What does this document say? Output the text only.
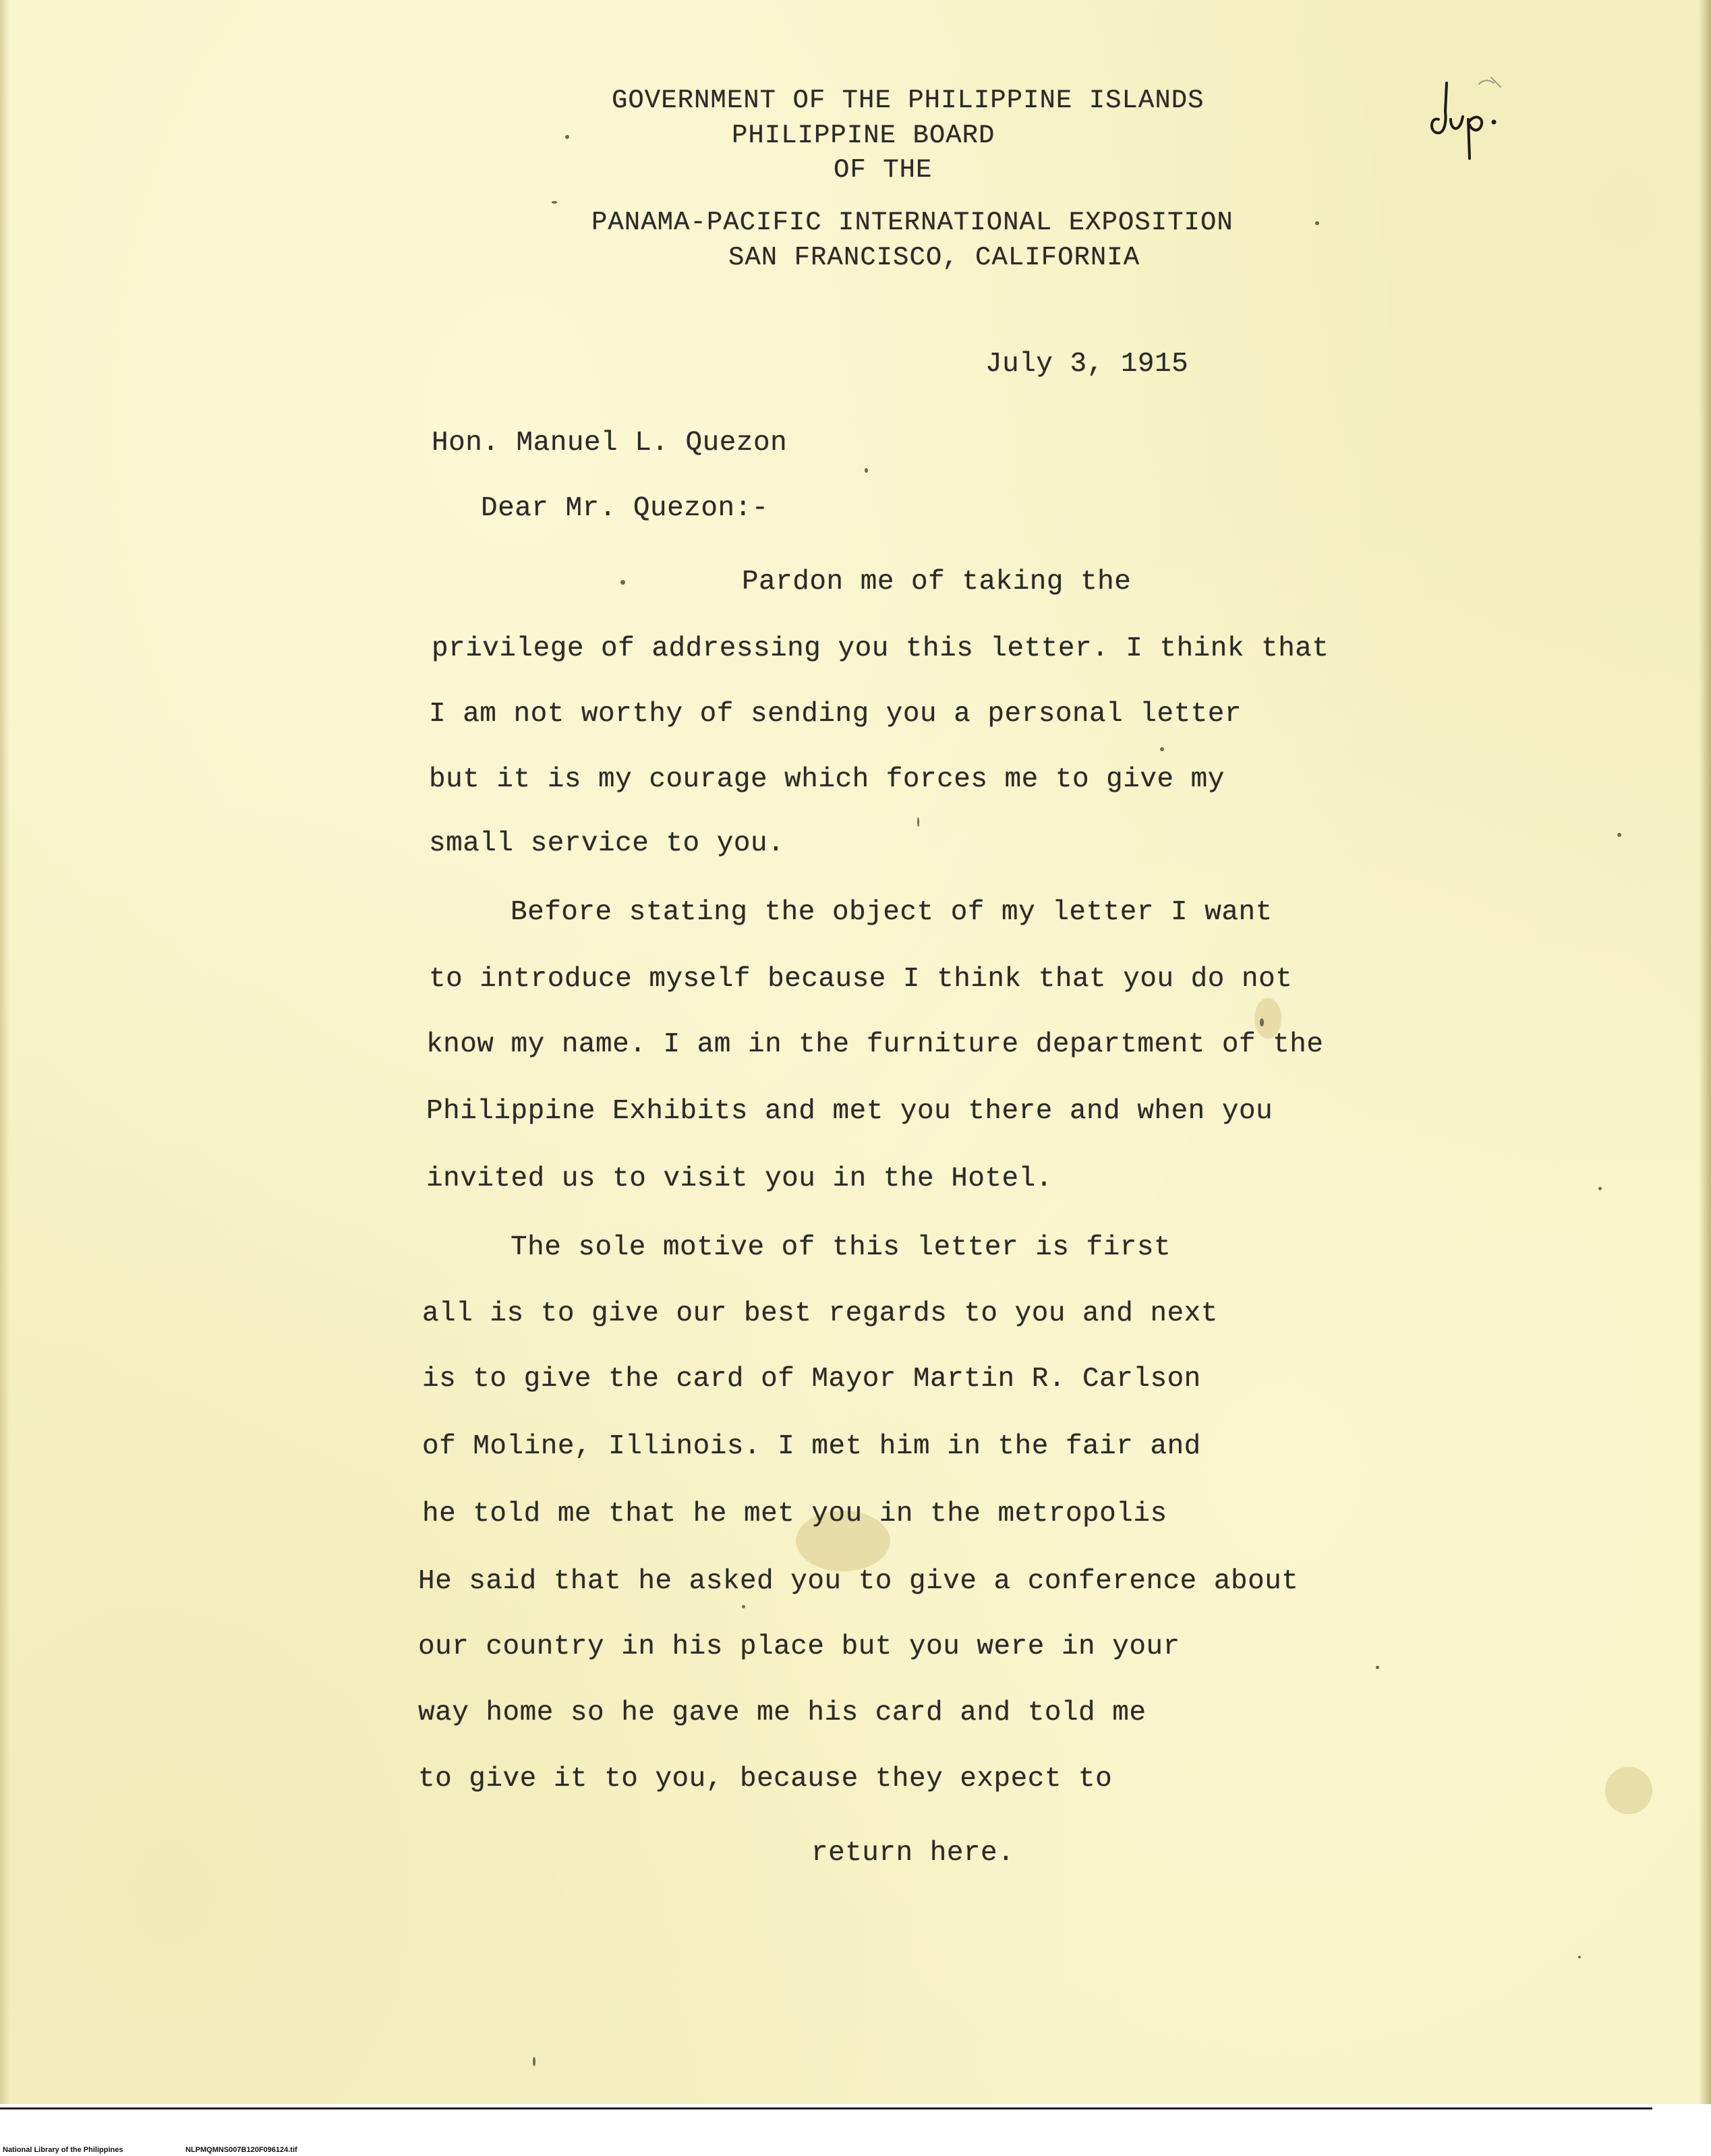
GOVERNMENT OF THE PHILIPPINE ISLANDS
PHILIPPINE BOARD
OF THE
PANAMA-PACIFIC INTERNATIONAL EXPOSITION
SAN FRANCISCO, CALIFORNIA
July 3, 1915
Hon. Manuel L. Quezon
Dear Mr. Quezon:-
Pardon me of taking the
privilege of addressing you this letter. I think that
I am not worthy of sending you a personal letter
but it is my courage which forces me to give my
small service to you.
Before stating the object of my letter I want
to introduce myself because I think that you do not
know my name. I am in the furniture department of the
Philippine Exhibits and met you there and when you
invited us to visit you in the Hotel.
The sole motive of this letter is first
all is to give our best regards to you and next
is to give the card of Mayor Martin R. Carlson
of Moline, Illinois. I met him in the fair and
he told me that he met you in the metropolis
He said that he asked you to give a conference about
our country in his place but you were in your
way home so he gave me his card and told me
to give it to you, because they expect to
return here.
National Library of the Philippines	NLPMQMNS007B120F096124.tif
